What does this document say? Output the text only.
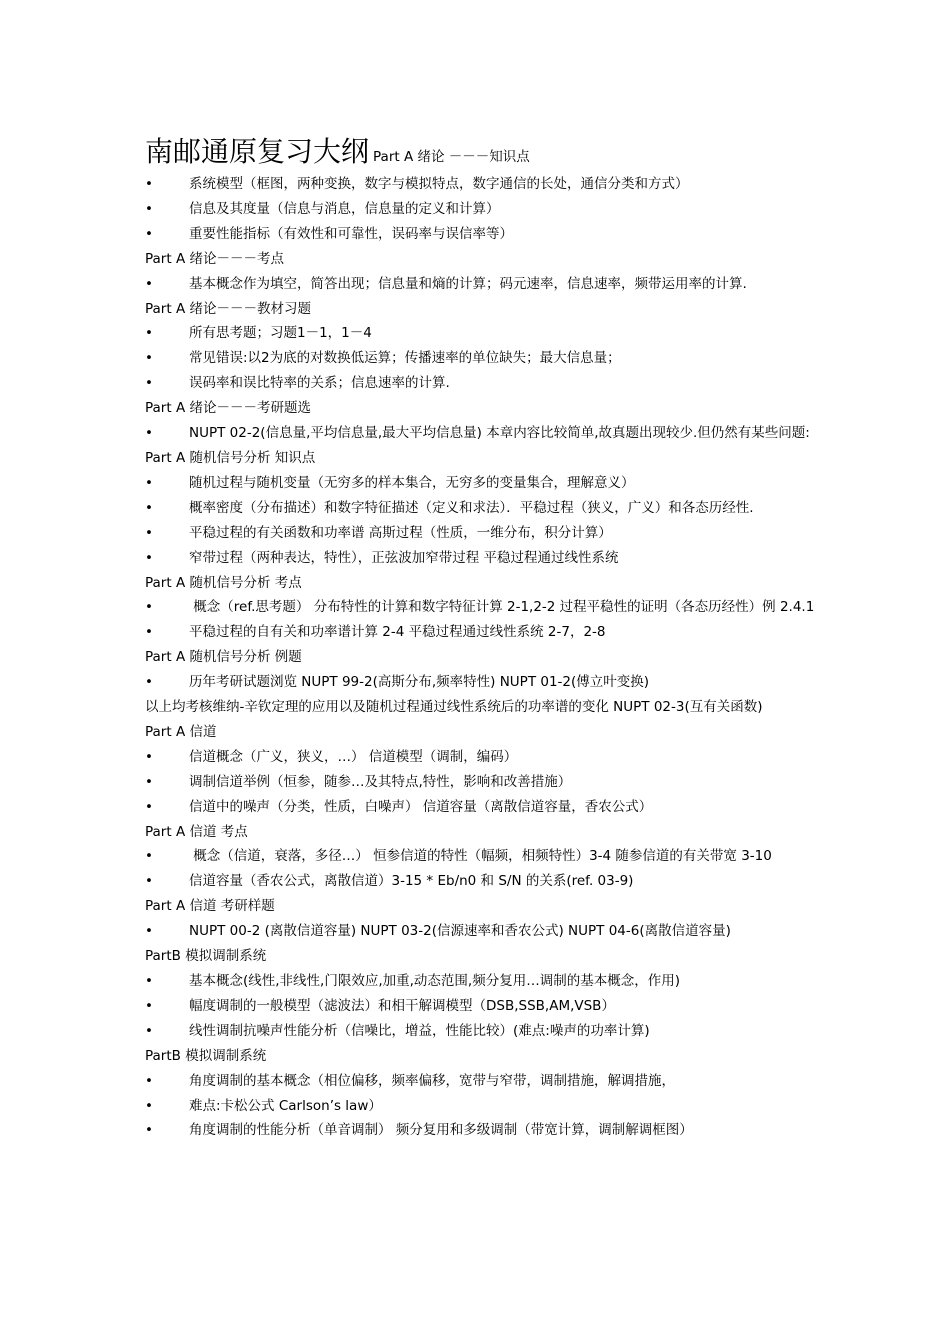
南邮通原复习大纲 Part A 绪论 －－－知识点
•	系统模型（框图，两种变换，数字与模拟特点，数字通信的长处，通信分类和方式）
•	信息及其度量（信息与消息，信息量的定义和计算）
•	重要性能指标（有效性和可靠性，误码率与误信率等）
Part A 绪论－－－考点
•	基本概念作为填空，简答出现；信息量和熵的计算；码元速率，信息速率，频带运用率的计算.
Part A 绪论－－－教材习题
•	所有思考题；习题1－1，1－4
•	常见错误:以2为底的对数换低运算；传播速率的单位缺失；最大信息量；
•	误码率和误比特率的关系；信息速率的计算.
Part A 绪论－－－考研题选
•	NUPT 02-2(信息量,平均信息量,最大平均信息量) 本章内容比较简单,故真题出现较少.但仍然有某些问题:
Part A 随机信号分析 知识点
•	随机过程与随机变量（无穷多的样本集合，无穷多的变量集合，理解意义）
•	概率密度（分布描述）和数字特征描述（定义和求法）．平稳过程（狭义，广义）和各态历经性.
•	平稳过程的有关函数和功率谱 高斯过程（性质，一维分布，积分计算）
•	窄带过程（两种表达，特性），正弦波加窄带过程 平稳过程通过线性系统
Part A 随机信号分析 考点
•	概念（ref.思考题） 分布特性的计算和数字特征计算 2-1,2-2 过程平稳性的证明（各态历经性）例 2.4.1
•	平稳过程的自有关和功率谱计算 2-4 平稳过程通过线性系统 2-7，2-8
Part A 随机信号分析 例题
•	历年考研试题浏览 NUPT 99-2(高斯分布,频率特性) NUPT 01-2(傅立叶变换)
以上均考核维纳-辛钦定理的应用以及随机过程通过线性系统后的功率谱的变化 NUPT 02-3(互有关函数)
Part A 信道
•	信道概念（广义，狭义，…） 信道模型（调制，编码）
•	调制信道举例（恒参，随参…及其特点,特性，影响和改善措施）
•	信道中的噪声（分类，性质，白噪声） 信道容量（离散信道容量，香农公式）
Part A 信道 考点
•	概念（信道，衰落，多径…） 恒参信道的特性（幅频，相频特性）3-4 随参信道的有关带宽 3-10
•	信道容量（香农公式，离散信道）3-15 * Eb/n0 和 S/N 的关系(ref. 03-9)
Part A 信道 考研样题
•	NUPT 00-2 (离散信道容量) NUPT 03-2(信源速率和香农公式) NUPT 04-6(离散信道容量)
PartB 模拟调制系统
•	基本概念(线性,非线性,门限效应,加重,动态范围,频分复用…调制的基本概念，作用)
•	幅度调制的一般模型（滤波法）和相干解调模型（DSB,SSB,AM,VSB）
•	线性调制抗噪声性能分析（信噪比，增益，性能比较）(难点:噪声的功率计算)
PartB 模拟调制系统
•	角度调制的基本概念（相位偏移，频率偏移，宽带与窄带，调制措施，解调措施，
•	难点:卡松公式 Carlson’s law）
•	角度调制的性能分析（单音调制） 频分复用和多级调制（带宽计算，调制解调框图）
